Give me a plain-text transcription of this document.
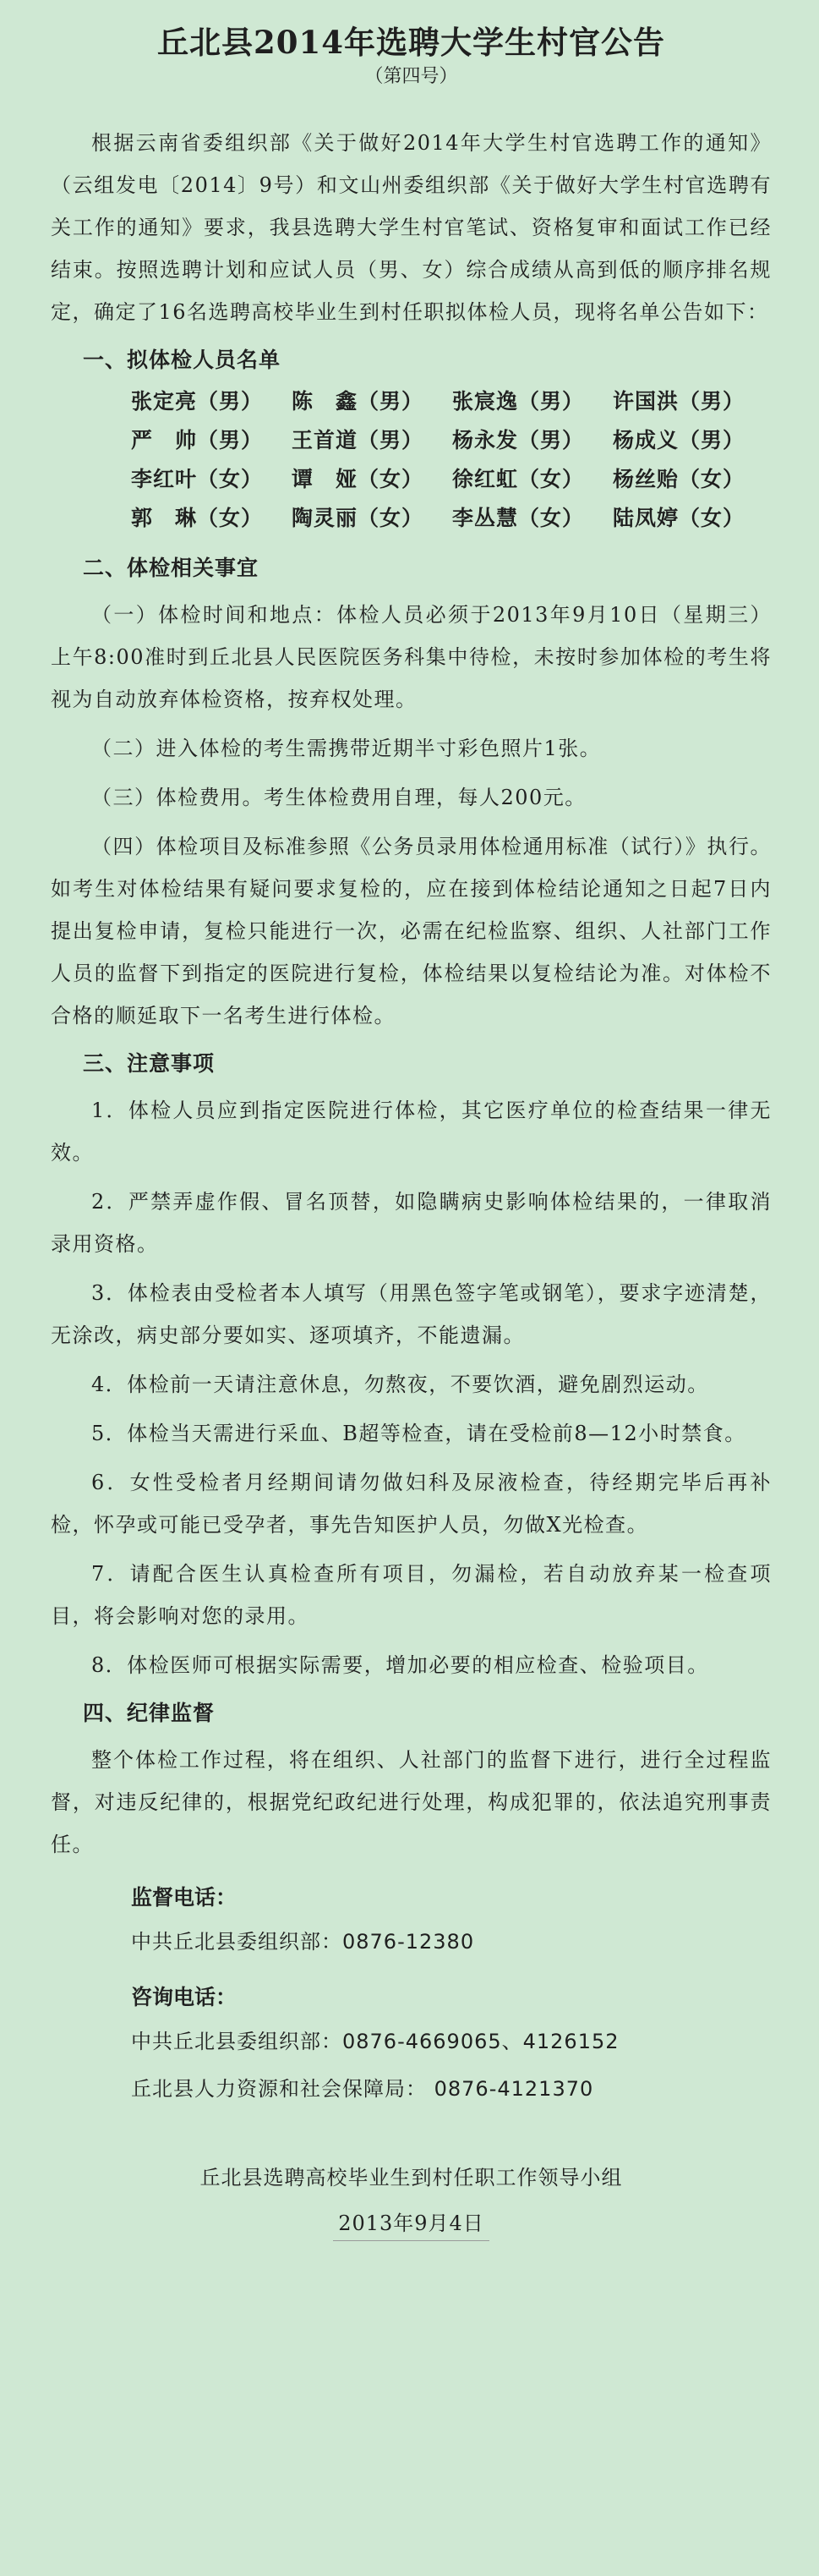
丘北县2014年选聘大学生村官公告
（第四号）

根据云南省委组织部《关于做好2014年大学生村官选聘工作的通知》（云组发电〔2014〕9号）和文山州委组织部《关于做好大学生村官选聘有关工作的通知》要求，我县选聘大学生村官笔试、资格复审和面试工作已经结束。按照选聘计划和应试人员（男、女）综合成绩从高到低的顺序排名规定，确定了16名选聘高校毕业生到村任职拟体检人员，现将名单公告如下：

一、拟体检人员名单
张定亮（男）	陈　鑫（男）	张宸逸（男）	许国洪（男）
严　帅（男）	王首道（男）	杨永发（男）	杨成义（男）
李红叶（女）	谭　娅（女）	徐红虹（女）	杨丝贻（女）
郭　琳（女）	陶灵丽（女）	李丛慧（女）	陆凤婷（女）
二、体检相关事宜

（一）体检时间和地点：体检人员必须于2013年9月10日（星期三）上午8:00准时到丘北县人民医院医务科集中待检，未按时参加体检的考生将视为自动放弃体检资格，按弃权处理。

（二）进入体检的考生需携带近期半寸彩色照片1张。

（三）体检费用。考生体检费用自理，每人200元。

（四）体检项目及标准参照《公务员录用体检通用标准（试行）》执行。如考生对体检结果有疑问要求复检的，应在接到体检结论通知之日起7日内提出复检申请，复检只能进行一次，必需在纪检监察、组织、人社部门工作人员的监督下到指定的医院进行复检，体检结果以复检结论为准。对体检不合格的顺延取下一名考生进行体检。

三、注意事项

1．体检人员应到指定医院进行体检，其它医疗单位的检查结果一律无效。

2．严禁弄虚作假、冒名顶替，如隐瞒病史影响体检结果的，一律取消录用资格。

3．体检表由受检者本人填写（用黑色签字笔或钢笔），要求字迹清楚，无涂改，病史部分要如实、逐项填齐，不能遗漏。

4．体检前一天请注意休息，勿熬夜，不要饮酒，避免剧烈运动。

5．体检当天需进行采血、B超等检查，请在受检前8—12小时禁食。

6．女性受检者月经期间请勿做妇科及尿液检查，待经期完毕后再补检，怀孕或可能已受孕者，事先告知医护人员，勿做X光检查。

7．请配合医生认真检查所有项目，勿漏检，若自动放弃某一检查项目，将会影响对您的录用。

8．体检医师可根据实际需要，增加必要的相应检查、检验项目。

四、纪律监督

整个体检工作过程，将在组织、人社部门的监督下进行，进行全过程监督，对违反纪律的，根据党纪政纪进行处理，构成犯罪的，依法追究刑事责任。

监督电话：
中共丘北县委组织部：0876-12380
咨询电话：
中共丘北县委组织部：0876-4669065、4126152
丘北县人力资源和社会保障局： 0876-4121370
丘北县选聘高校毕业生到村任职工作领导小组
2013年9月4日
